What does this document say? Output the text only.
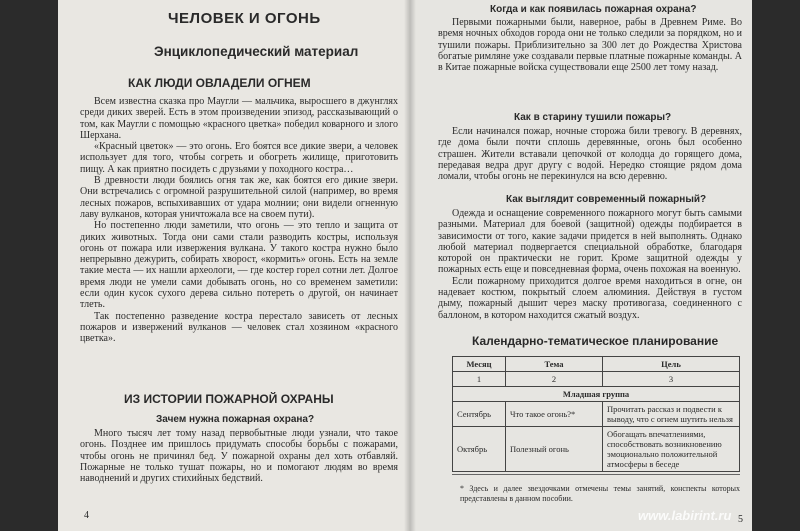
ЧЕЛОВЕК И ОГОНЬ
Энциклопедический материал
КАК ЛЮДИ ОВЛАДЕЛИ ОГНЕМ

Всем известна сказка про Маугли — мальчика, выросшего в джунглях среди диких зверей. Есть в этом произведении эпизод, рассказывающий о том, как Маугли с помощью «красного цветка» победил коварного и злого Шерхана.

«Красный цветок» — это огонь. Его боятся все дикие звери, а человек использует для того, чтобы согреть и обогреть жилище, приготовить пищу. А как приятно посидеть с друзьями у походного костра…

В древности люди боялись огня так же, как боятся его дикие звери. Они встречались с огромной разрушительной силой (например, во время лесных пожаров, вспыхивавших от удара молнии; они видели огненную лаву вулканов, которая уничтожала все на своем пути).

Но постепенно люди заметили, что огонь — это тепло и защита от диких животных. Тогда они сами стали разводить костры, используя огонь от пожара или извержения вулкана. У такого костра нужно было непрерывно дежурить, собирать хворост, «кормить» огонь. Есть на земле такие места — их нашли археологи, — где костер горел сотни лет. Долгое время люди не умели сами добывать огонь, но со временем заметили: если один кусок сухого дерева сильно потереть о другой, он начинает тлеть.

Так постепенно разведение костра перестало зависеть от лесных пожаров и извержений вулканов — человек стал хозяином «красного цветка».

ИЗ ИСТОРИИ ПОЖАРНОЙ ОХРАНЫ
Зачем нужна пожарная охрана?

Много тысяч лет тому назад первобытные люди узнали, что такое огонь. Позднее им пришлось придумать способы борьбы с пожарами, чтобы огонь не причинял бед. У пожарной охраны дел хоть отбавляй. Пожарные не только тушат пожары, но и помогают людям во время наводнений и других стихийных бедствий.

4
Когда и как появилась пожарная охрана?

Первыми пожарными были, наверное, рабы в Древнем Риме. Во время ночных обходов города они не только следили за порядком, но и тушили пожары. Приблизительно за 300 лет до Рождества Христова богатые римляне уже создавали первые платные пожарные команды. А в Китае пожарные войска существовали еще 2500 лет тому назад.

Как в старину тушили пожары?

Если начинался пожар, ночные сторожа били тревогу. В деревнях, где дома были почти сплошь деревянные, огонь был особенно страшен. Жители вставали цепочкой от колодца до горящего дома, передавая ведра друг другу с водой. Нередко стоящие рядом дома ломали, чтобы огонь не перекинулся на всю деревню.

Как выглядит современный пожарный?

Одежда и оснащение современного пожарного могут быть самыми разными. Материал для боевой (защитной) одежды подбирается в зависимости от того, какие задачи придется в ней выполнять. Однако любой материал подвергается специальной обработке, благодаря которой он практически не горит. Кроме защитной одежды у пожарных есть еще и повседневная форма, очень похожая на военную.

Если пожарному приходится долгое время находиться в огне, он надевает костюм, покрытый слоем алюминия. Действуя в густом дыму, пожарный дышит через маску противогаза, соединенного с баллоном, в котором находится сжатый воздух.

Календарно-тематическое планирование
Месяц	Тема	Цель
1	2	3
Младшая группа		
Сентябрь	Что такое огонь?*	Прочитать рассказ и подвести к выводу, что с огнем шутить нельзя
Октябрь	Полезный огонь	Обогащать впечатлениями, способствовать возникновению эмоционально положительной атмосферы в беседе
* Здесь и далее звездочками отмечены темы занятий, конспекты которых представлены в данном пособии.
5
www.labirint.ru
